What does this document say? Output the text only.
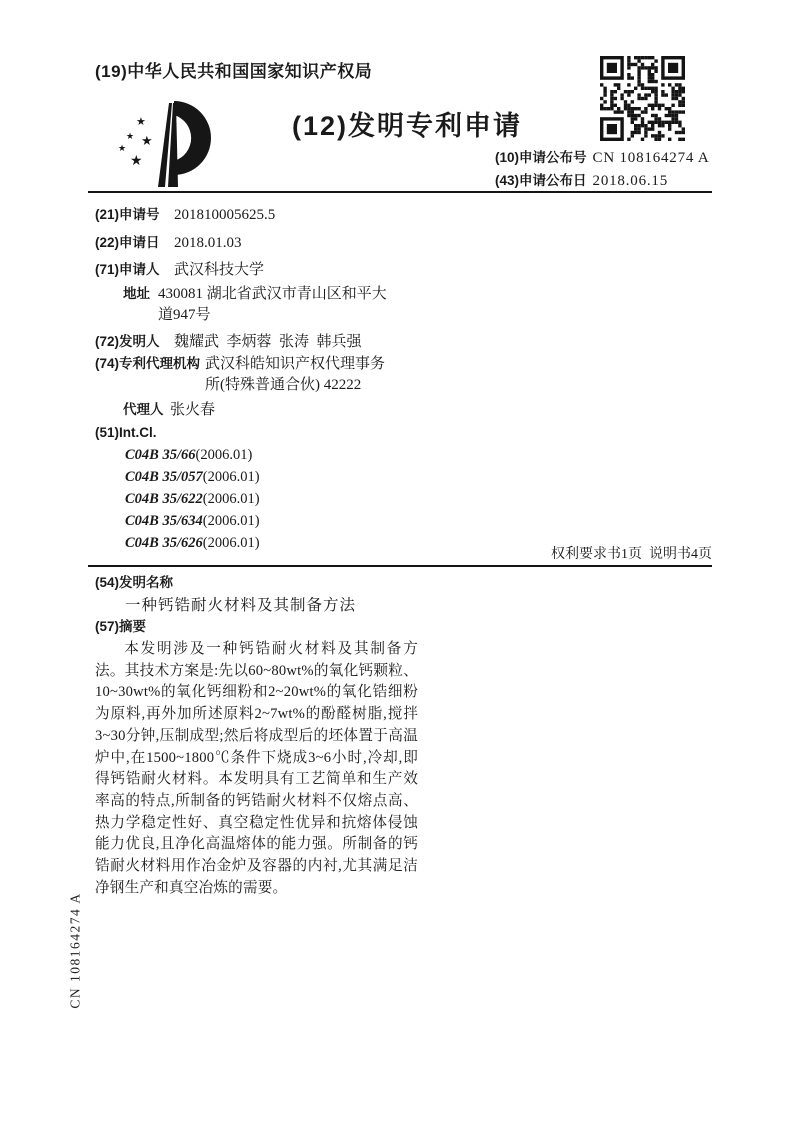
(19)中华人民共和国国家知识产权局
★
★ ★
★
★
(12)发明专利申请
(10)申请公布号 CN 108164274 A
(43)申请公布日 2018.06.15
(21)申请号 201810005625.5
(22)申请日 2018.01.03
(71)申请人 武汉科技大学
地址 430081 湖北省武汉市青山区和平大道947号
(72)发明人 魏耀武  李炳蓉  张涛  韩兵强
(74)专利代理机构 武汉科皓知识产权代理事务所(特殊普通合伙) 42222
代理人 张火春
(51)Int.Cl.
C04B 35/66 (2006.01)
C04B 35/057 (2006.01)
C04B 35/622 (2006.01)
C04B 35/634 (2006.01)
C04B 35/626 (2006.01)
权利要求书1页  说明书4页
(54)发明名称
一种钙锆耐火材料及其制备方法
(57)摘要

本发明涉及一种钙锆耐火材料及其制备方法。其技术方案是:先以60~80wt%的氧化钙颗粒、10~30wt%的氧化钙细粉和2~20wt%的氧化锆细粉为原料,再外加所述原料2~7wt%的酚醛树脂,搅拌3~30分钟,压制成型;然后将成型后的坯体置于高温炉中,在1500~1800℃条件下烧成3~6小时,冷却,即得钙锆耐火材料。本发明具有工艺简单和生产效率高的特点,所制备的钙锆耐火材料不仅熔点高、热力学稳定性好、真空稳定性优异和抗熔体侵蚀能力优良,且净化高温熔体的能力强。所制备的钙锆耐火材料用作冶金炉及容器的内衬,尤其满足洁净钢生产和真空冶炼的需要。

CN 108164274 A
